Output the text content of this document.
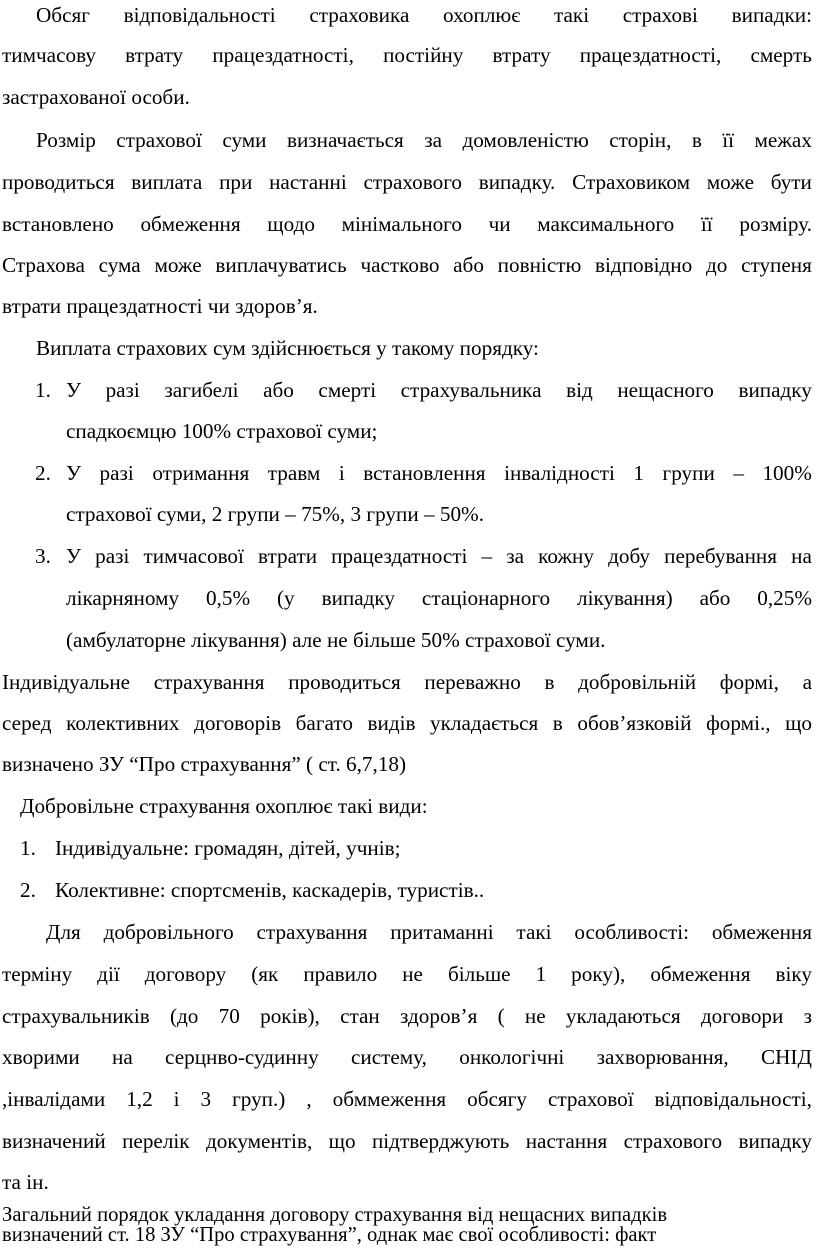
Обсяг відповідальності страховика охоплює такі страхові випадки:
тимчасову втрату працездатності, постійну втрату працездатності, смерть
застрахованої особи.
Розмір страхової суми визначається за домовленістю сторін, в її межах
проводиться виплата при настанні страхового випадку. Страховиком може бути
встановлено обмеження щодо мінімального чи максимального її розміру.
Страхова сума може виплачуватись частково або повністю відповідно до ступеня
втрати працездатності чи здоров’я.
Виплата страхових сум здійснюється у такому порядку:
1. У разі загибелі або смерті страхувальника від нещасного випадку
спадкоємцю 100% страхової суми;
2. У разі отримання травм і встановлення інвалідності 1 групи – 100%
страхової суми, 2 групи – 75%, 3 групи – 50%.
3. У разі тимчасової втрати працездатності – за кожну добу перебування на
лікарняному 0,5% (у випадку стаціонарного лікування) або 0,25%
(амбулаторне лікування) але не більше 50% страхової суми.
Індивідуальне страхування проводиться переважно в добровільній формі, а
серед колективних договорів багато видів укладається в обов’язковій формі., що
визначено ЗУ “Про страхування” ( ст. 6,7,18)
Добровільне страхування охоплює такі види:
1. Індивідуальне: громадян, дітей, учнів;
2. Колективне: спортсменів, каскадерів, туристів..
Для добровільного страхування притаманні такі особливості: обмеження
терміну дії договору (як правило не більше 1 року), обмеження віку
страхувальників (до 70 років), стан здоров’я ( не укладаються договори з
хворими на серцнво-судинну систему, онкологічні захворювання, СНІД
,інвалідами 1,2 і 3 груп.) , обммеження обсягу страхової відповідальності,
визначений перелік документів, що підтверджують настання страхового випадку
та ін.
Загальний порядок укладання договору страхування від нещасних випадків
визначений ст. 18 ЗУ “Про страхування”, однак має свої особливості: факт
